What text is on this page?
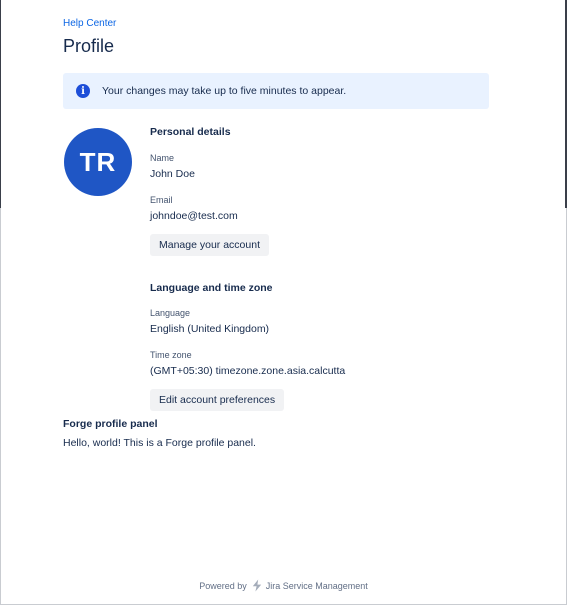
Help Center
Profile
i	Your changes may take up to five minutes to appear.
TR
Personal details
Name
John Doe
Email
johndoe@test.com
Manage your account
Language and time zone
Language
English (United Kingdom)
Time zone
(GMT+05:30) timezone.zone.asia.calcutta
Edit account preferences
Forge profile panel
Hello, world! This is a Forge profile panel.
Powered by Jira Service Management
